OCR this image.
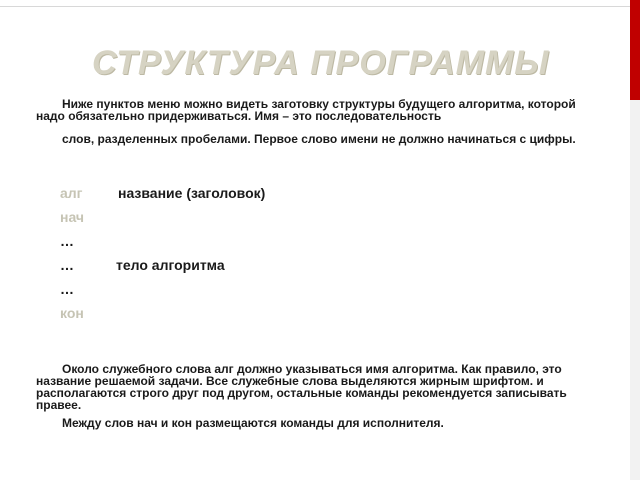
СТРУКТУРА ПРОГРАММЫ
Ниже пунктов меню можно видеть заготовку структуры будущего алгоритма, которой надо обязательно придерживаться. Имя – это последовательность
слов, разделенных пробелами. Первое слово имени не должно начинаться с цифры.
алг	название (заголовок)
нач
…
…	тело алгоритма
…
кон
Около служебного слова алг должно указываться имя алгоритма. Как правило, это название решаемой задачи. Все служебные слова выделяются жирным шрифтом. и располагаются строго друг под другом, остальные команды рекомендуется записывать правее.
Между слов нач и кон размещаются команды для исполнителя.
